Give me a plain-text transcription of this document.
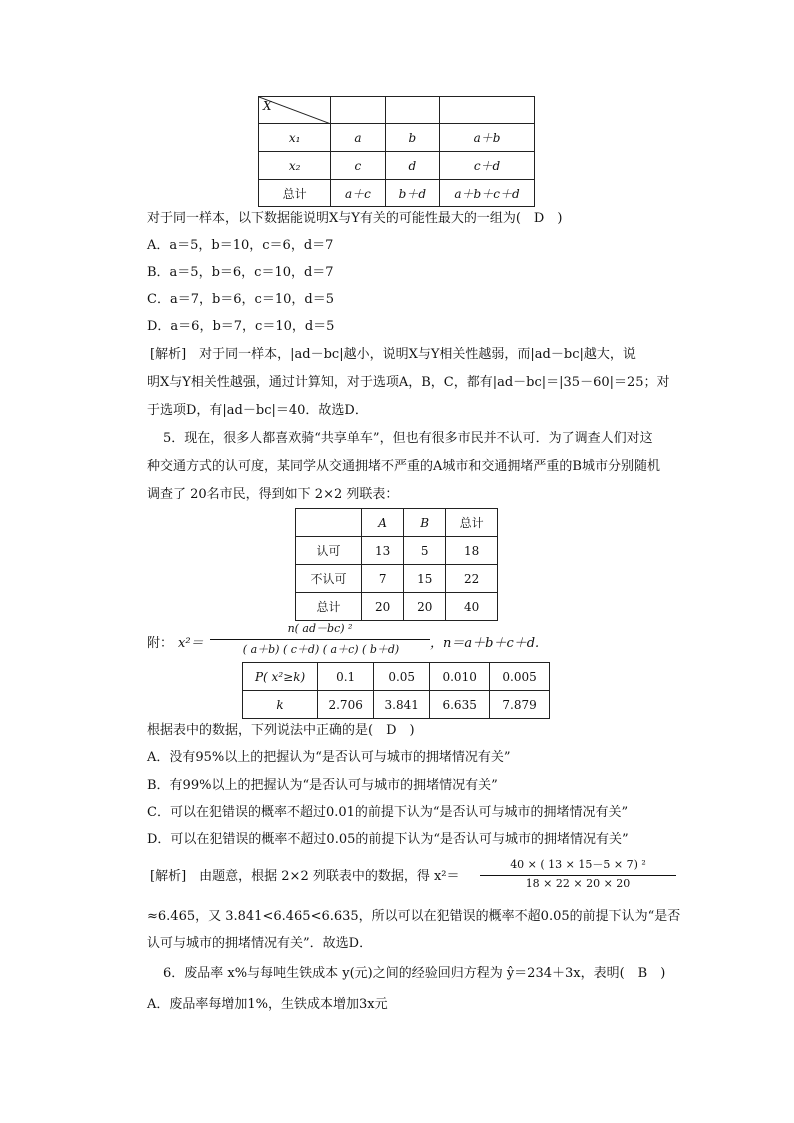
X			

x₁	a	b	a＋b
x₂	c	d	c＋d
总计	a＋c	b＋d	a＋b＋c＋d
对于同一样本，以下数据能说明X与Y有关的可能性最大的一组为(　D　)
A．a＝5，b＝10，c＝6，d＝7
B．a＝5，b＝6，c＝10，d＝7
C．a＝7，b＝6，c＝10，d＝5
D．a＝6，b＝7，c＝10，d＝5
[解析]　对于同一样本，|ad－bc|越小，说明X与Y相关性越弱，而|ad－bc|越大，说
明X与Y相关性越强，通过计算知，对于选项A，B，C，都有|ad－bc|＝|35－60|＝25；对
于选项D，有|ad－bc|＝40．故选D．
5．现在，很多人都喜欢骑“共享单车”，但也有很多市民并不认可．为了调查人们对这
种交通方式的认可度，某同学从交通拥堵不严重的A城市和交通拥堵严重的B城市分别随机
调查了 20名市民，得到如下 2×2 列联表：
	A	B	总计
认可	13	5	18
不认可	7	15	22
总计	20	20	40
附： x²＝
n( ad－bc) ²
( a＋b) ( c＋d) ( a＋c) ( b＋d)	，n＝a＋b＋c＋d.
P( x²≥k)	0.1	0.05	0.010	0.005
k	2.706	3.841	6.635	7.879
根据表中的数据，下列说法中正确的是(　D　)
A．没有95%以上的把握认为“是否认可与城市的拥堵情况有关”
B．有99%以上的把握认为“是否认可与城市的拥堵情况有关”
C．可以在犯错误的概率不超过0.01的前提下认为“是否认可与城市的拥堵情况有关”
D．可以在犯错误的概率不超过0.05的前提下认为“是否认可与城市的拥堵情况有关”
[解析]　由题意，根据 2×2 列联表中的数据，得 x²＝
40 × ( 13 × 15－5 × 7) ²
18 × 22 × 20 × 20
≈6.465，又 3.841<6.465<6.635，所以可以在犯错误的概率不超0.05的前提下认为“是否
认可与城市的拥堵情况有关”．故选D．
6．废品率 x%与每吨生铁成本 y(元)之间的经验回归方程为 ŷ＝234＋3x，表明(　B　)
A．废品率每增加1%，生铁成本增加3x元
